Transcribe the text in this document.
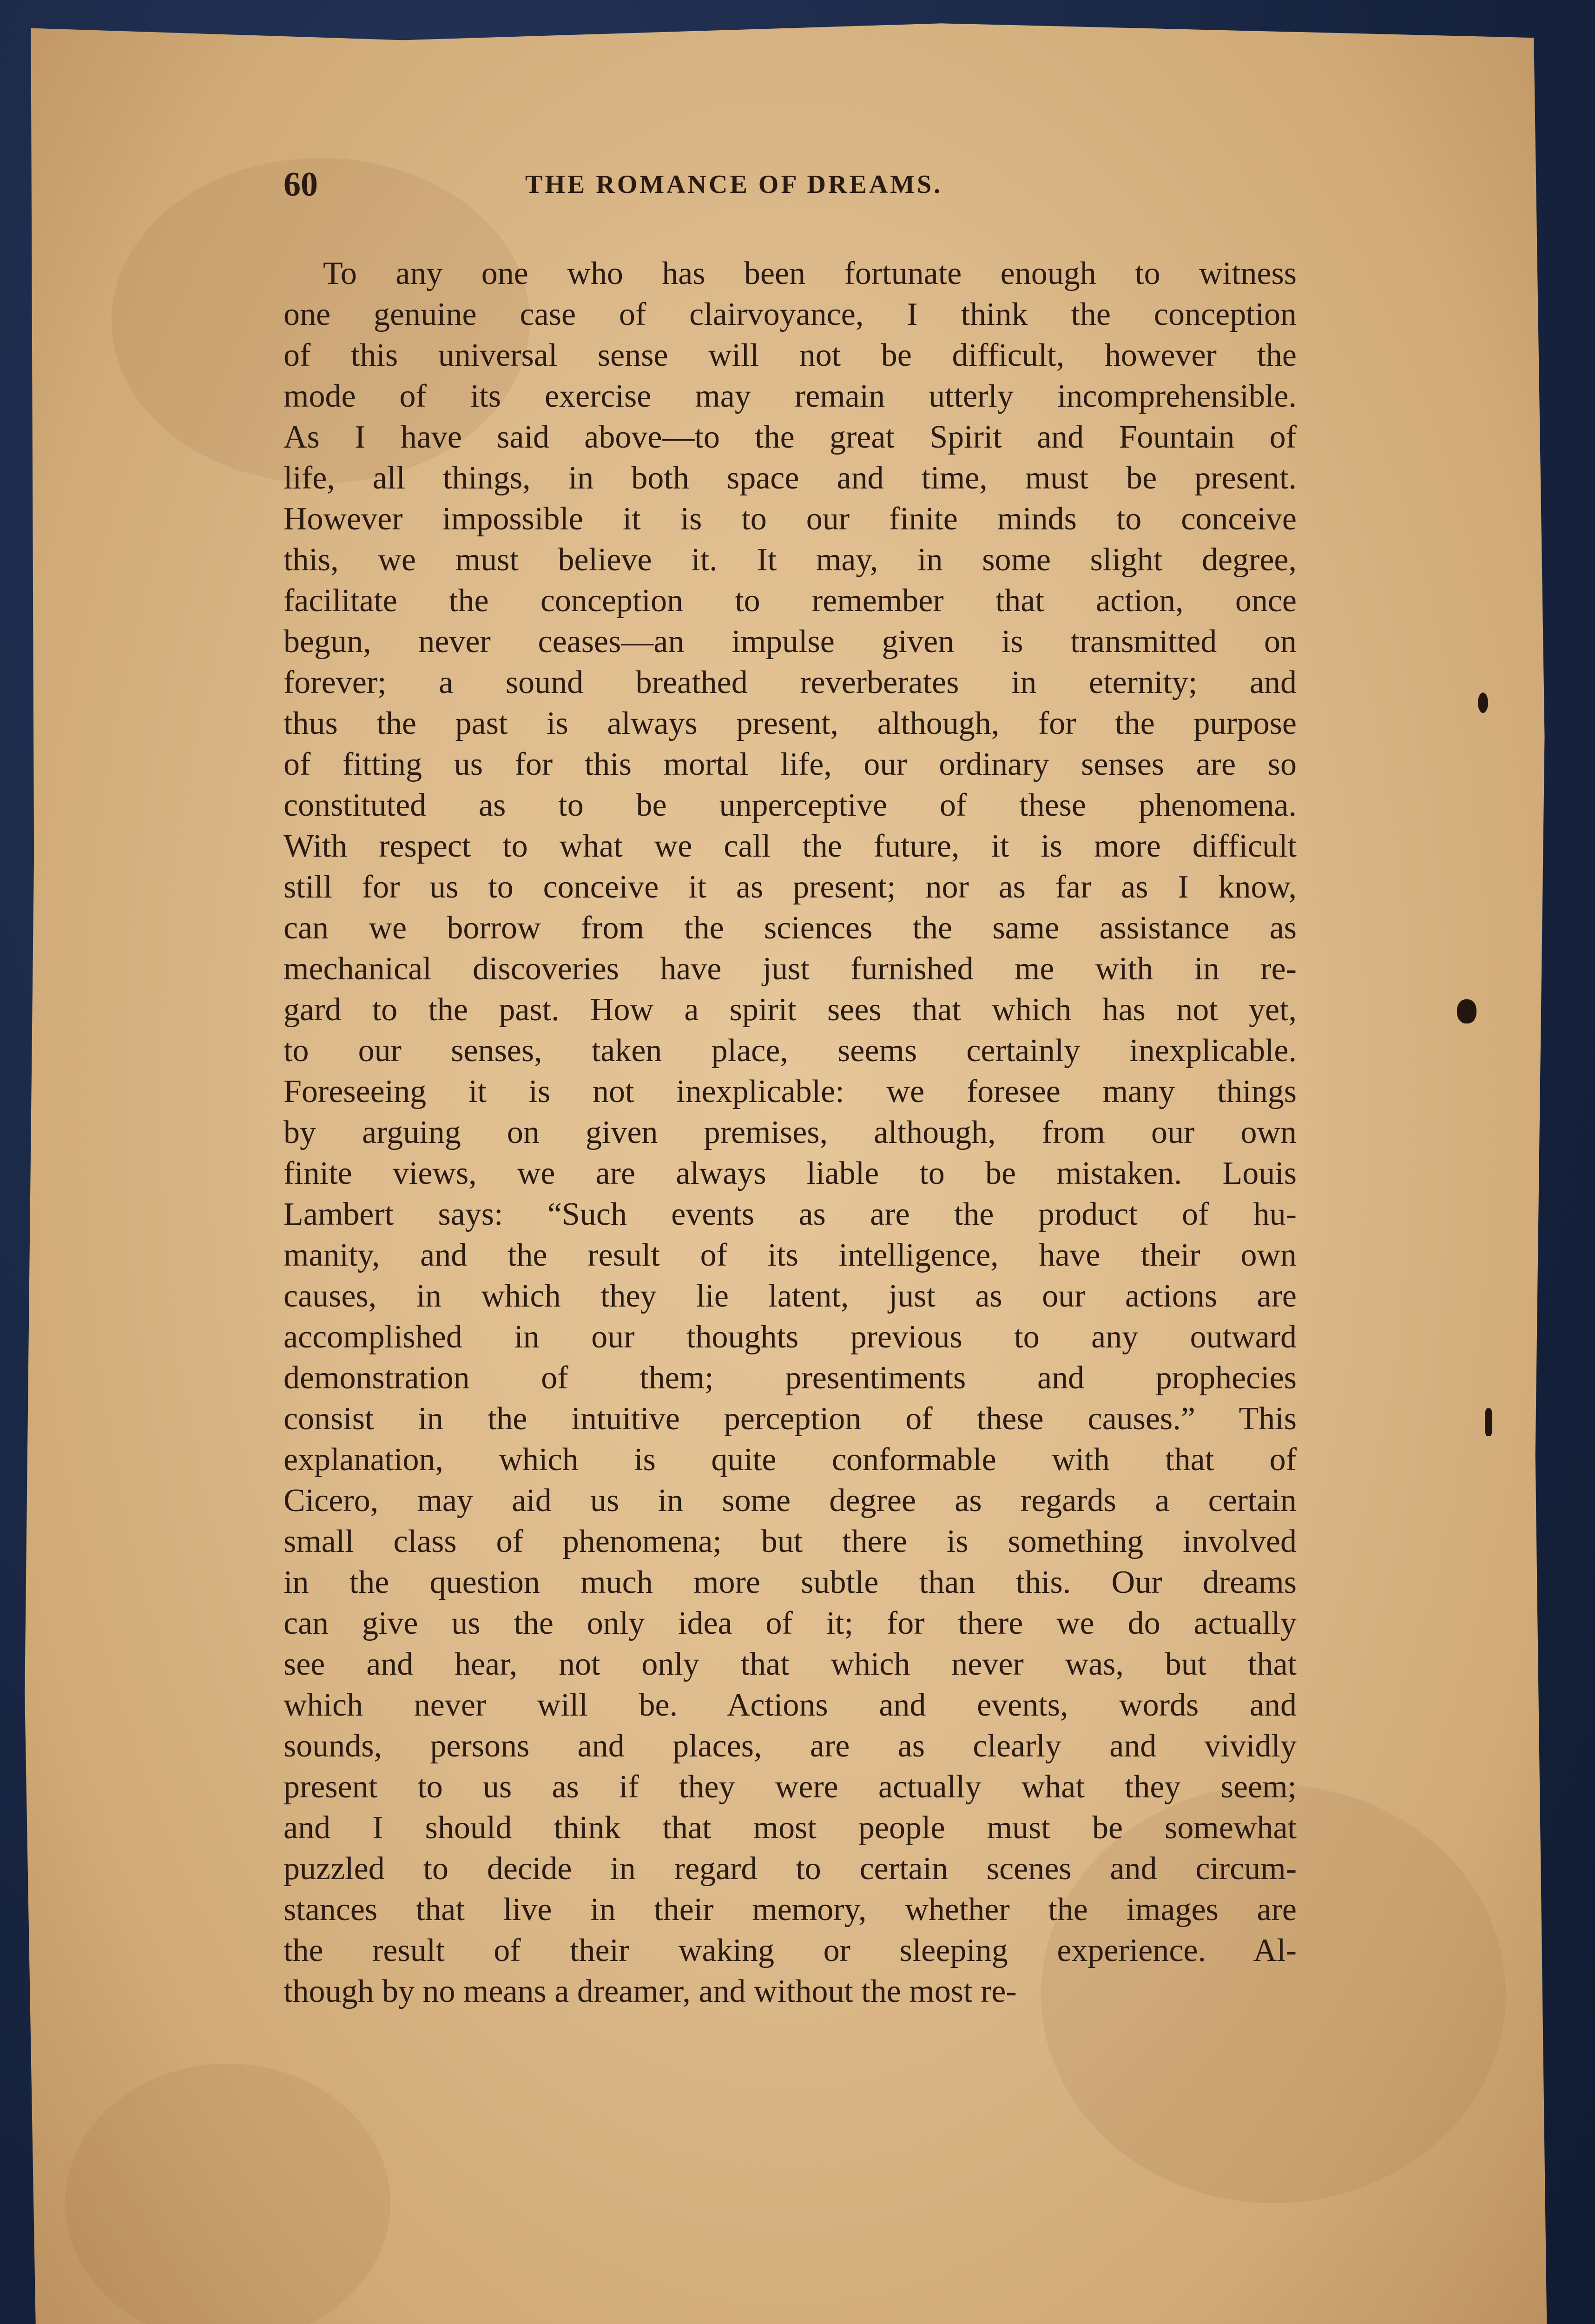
60	THE ROMANCE OF DREAMS.
To any one who has been fortunate enough to witness
one genuine case of clairvoyance, I think the conception
of this universal sense will not be difficult, however the
mode of its exercise may remain utterly incomprehensible.
As I have said above—to the great Spirit and Fountain of
life, all things, in both space and time, must be present.
However impossible it is to our finite minds to conceive
this, we must believe it. It may, in some slight degree,
facilitate the conception to remember that action, once
begun, never ceases—an impulse given is transmitted on
forever; a sound breathed reverberates in eternity; and
thus the past is always present, although, for the purpose
of fitting us for this mortal life, our ordinary senses are so
constituted as to be unperceptive of these phenomena.
With respect to what we call the future, it is more difficult
still for us to conceive it as present; nor as far as I know,
can we borrow from the sciences the same assistance as
mechanical discoveries have just furnished me with in re-
gard to the past. How a spirit sees that which has not yet,
to our senses, taken place, seems certainly inexplicable.
Foreseeing it is not inexplicable: we foresee many things
by arguing on given premises, although, from our own
finite views, we are always liable to be mistaken. Louis
Lambert says: “Such events as are the product of hu-
manity, and the result of its intelligence, have their own
causes, in which they lie latent, just as our actions are
accomplished in our thoughts previous to any outward
demonstration of them; presentiments and prophecies
consist in the intuitive perception of these causes.” This
explanation, which is quite conformable with that of
Cicero, may aid us in some degree as regards a certain
small class of phenomena; but there is something involved
in the question much more subtle than this. Our dreams
can give us the only idea of it; for there we do actually
see and hear, not only that which never was, but that
which never will be. Actions and events, words and
sounds, persons and places, are as clearly and vividly
present to us as if they were actually what they seem;
and I should think that most people must be somewhat
puzzled to decide in regard to certain scenes and circum-
stances that live in their memory, whether the images are
the result of their waking or sleeping experience. Al-
though by no means a dreamer, and without the most re-
